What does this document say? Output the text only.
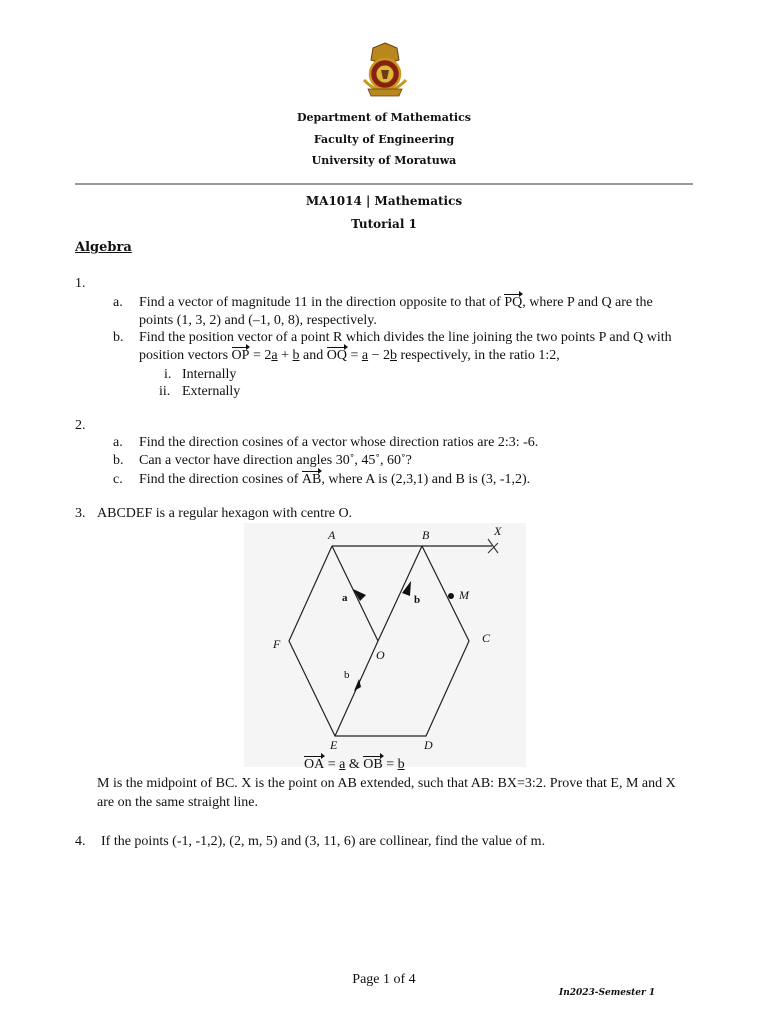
Department of Mathematics
Faculty of Engineering
University of Moratuwa
MA1014 | Mathematics
Tutorial 1
Algebra
1.
a. Find a vector of magnitude 11 in the direction opposite to that of PQ, where P and Q are the
points (1, 3, 2) and (–1, 0, 8), respectively.
b. Find the position vector of a point R which divides the line joining the two points P and Q with
position vectors OP = 2a + b and OQ = a − 2b respectively, in the ratio 1:2,
i. Internally
ii. Externally
2.
a. Find the direction cosines of a vector whose direction ratios are 2:3: -6.
b. Can a vector have direction angles 30˚, 45˚, 60˚?
c. Find the direction cosines of AB, where A is (2,3,1) and B is (3, -1,2).
3. ABCDEF is a regular hexagon with centre O.
A	B
C
D
E
F
O
M
X
a	b
b
OA = a & OB = b
M is the midpoint of BC. X is the point on AB extended, such that AB: BX=3:2. Prove that E, M and X
are on the same straight line.
4. If the points (-1, -1,2), (2, m, 5) and (3, 11, 6) are collinear, find the value of m.
Page 1 of 4
In2023-Semester 1
